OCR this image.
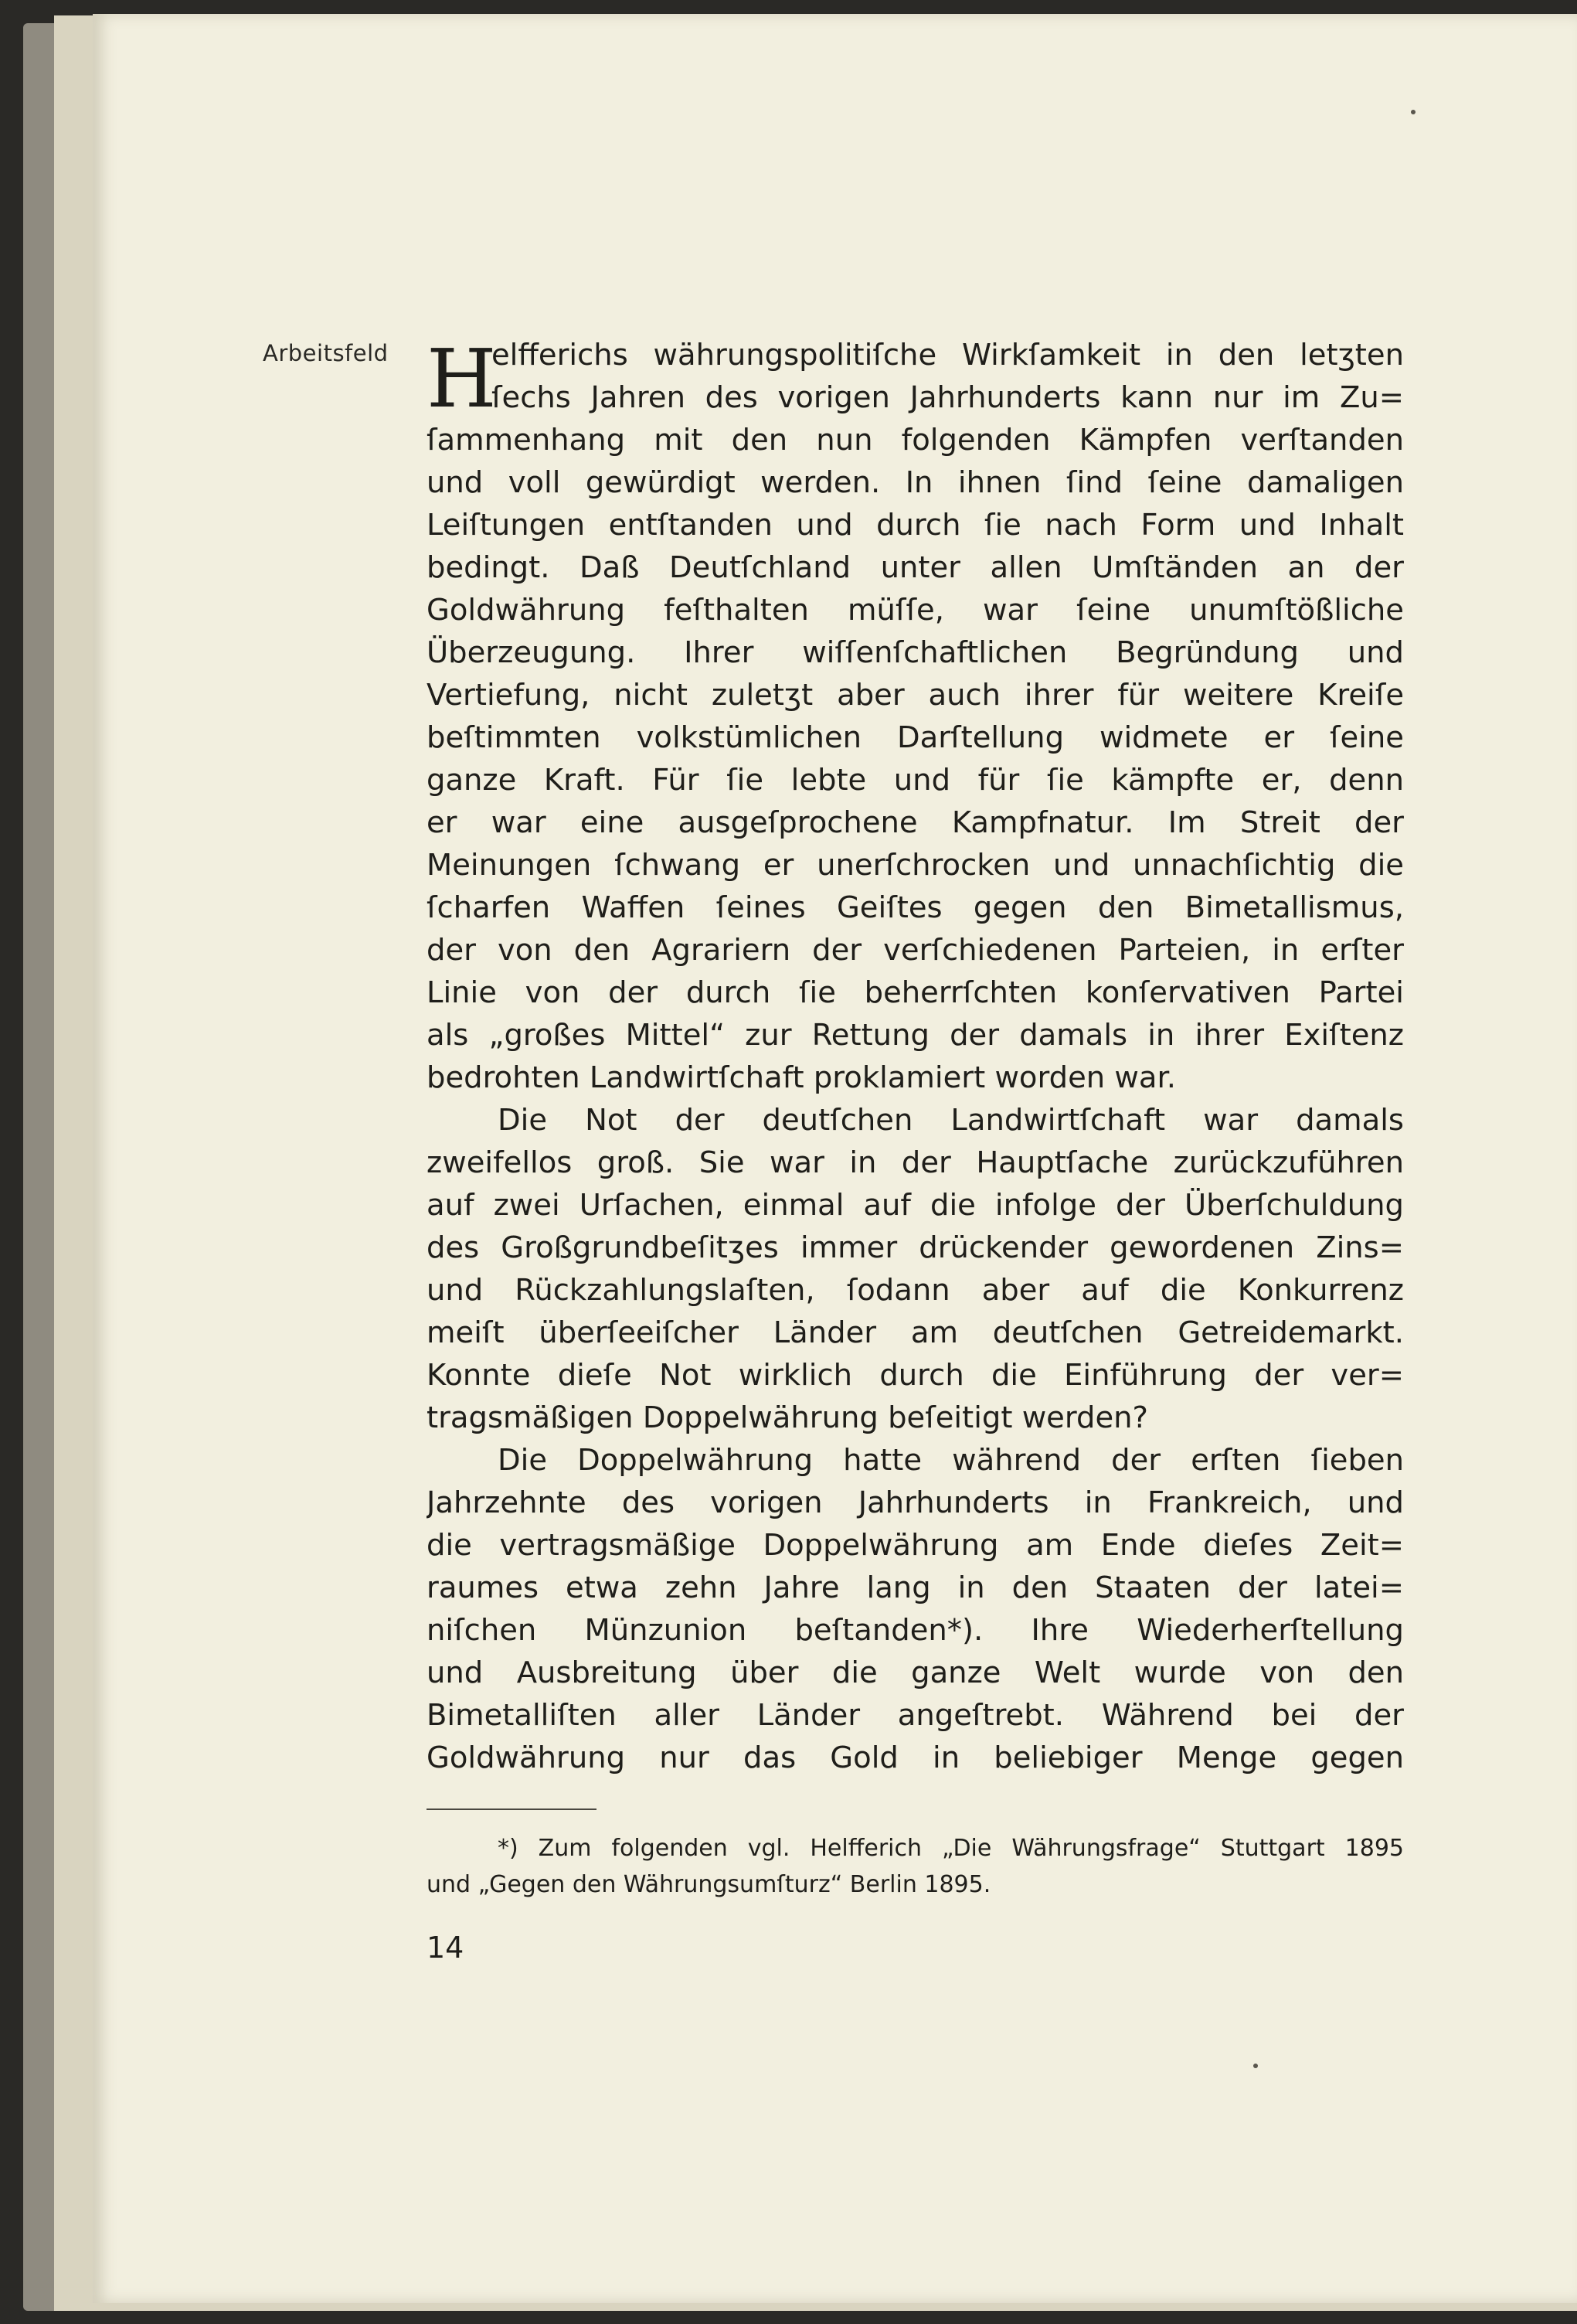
Arbeitsfeld H
elfferichs währungspolitiſche Wirkſamkeit in den letʒten
ſechs Jahren des vorigen Jahrhunderts kann nur im Zu=
ſammenhang mit den nun folgenden Kämpfen verſtanden
und voll gewürdigt werden. In ihnen ſind ſeine damaligen
Leiſtungen entſtanden und durch ſie nach Form und Inhalt
bedingt. Daß Deutſchland unter allen Umſtänden an der
Goldwährung feſthalten müſſe, war ſeine unumſtößliche
Überzeugung. Ihrer wiſſenſchaftlichen Begründung und
Vertiefung, nicht zuletʒt aber auch ihrer für weitere Kreiſe
beſtimmten volkstümlichen Darſtellung widmete er ſeine
ganze Kraft. Für ſie lebte und für ſie kämpfte er, denn
er war eine ausgeſprochene Kampfnatur. Im Streit der
Meinungen ſchwang er unerſchrocken und unnachſichtig die
ſcharfen Waffen ſeines Geiſtes gegen den Bimetallismus,
der von den Agrariern der verſchiedenen Parteien, in erſter
Linie von der durch ſie beherrſchten konſervativen Partei
als „großes Mittel“ zur Rettung der damals in ihrer Exiſtenz
bedrohten Landwirtſchaft proklamiert worden war.
Die Not der deutſchen Landwirtſchaft war damals
zweifellos groß. Sie war in der Hauptſache zurückzuführen
auf zwei Urſachen, einmal auf die infolge der Überſchuldung
des Großgrundbeſitʒes immer drückender gewordenen Zins=
und Rückzahlungslaſten, ſodann aber auf die Konkurrenz
meiſt überſeeiſcher Länder am deutſchen Getreidemarkt.
Konnte dieſe Not wirklich durch die Einführung der ver=
tragsmäßigen Doppelwährung beſeitigt werden?
Die Doppelwährung hatte während der erſten ſieben
Jahrzehnte des vorigen Jahrhunderts in Frankreich, und
die vertragsmäßige Doppelwährung am Ende dieſes Zeit=
raumes etwa zehn Jahre lang in den Staaten der latei=
niſchen Münzunion beſtanden*). Ihre Wiederherſtellung
und Ausbreitung über die ganze Welt wurde von den
Bimetalliſten aller Länder angeſtrebt. Während bei der
Goldwährung nur das Gold in beliebiger Menge gegen
*) Zum folgenden vgl. Helfferich „Die Währungsfrage“ Stuttgart 1895
und „Gegen den Währungsumſturz“ Berlin 1895.
14
